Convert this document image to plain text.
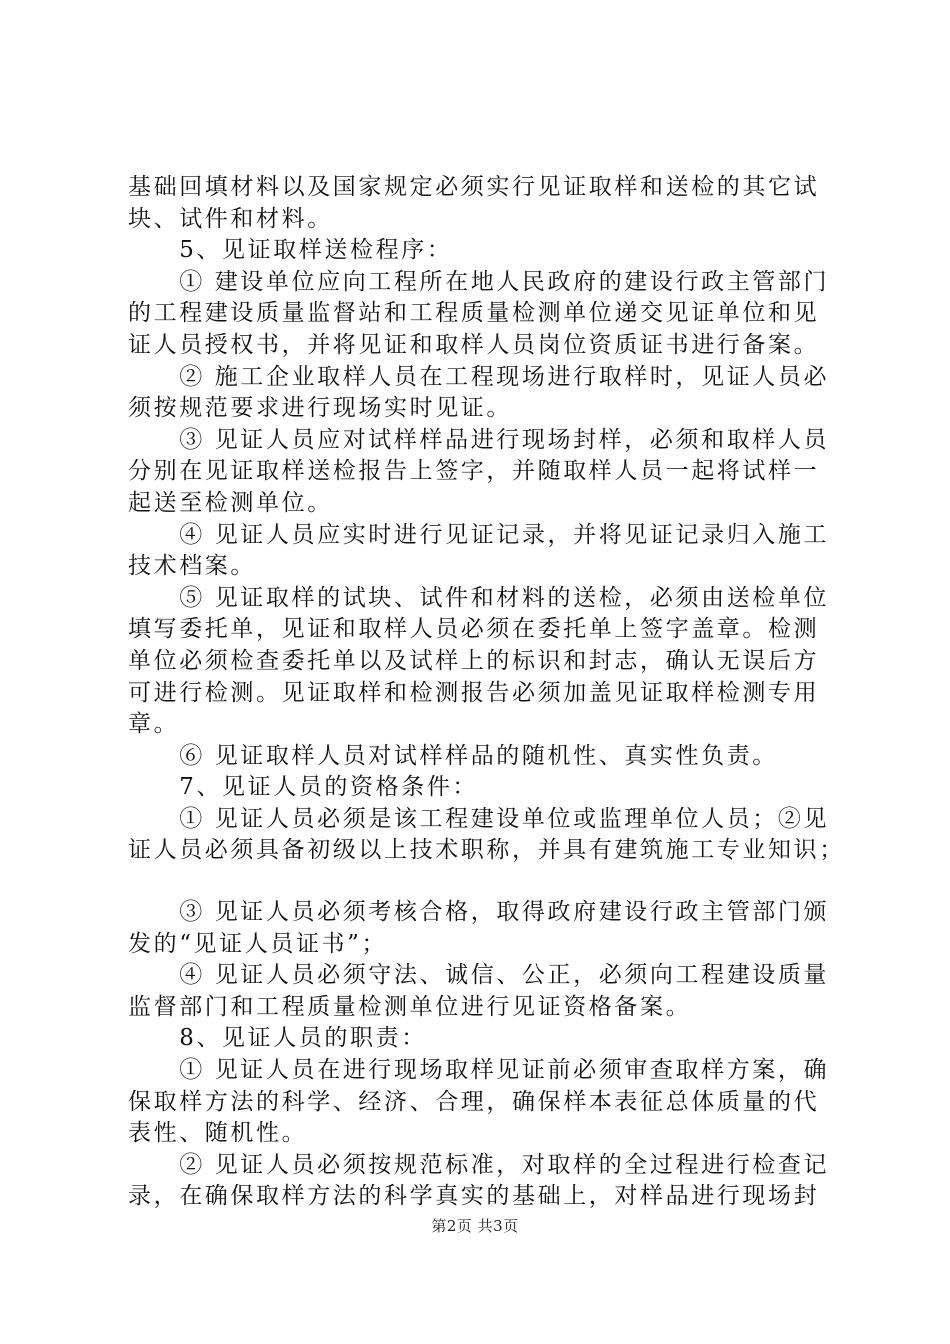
基础回填材料以及国家规定必须实行见证取样和送检的其它试

块、试件和材料。

　　5、见证取样送检程序：

　　① 建设单位应向工程所在地人民政府的建设行政主管部门

的工程建设质量监督站和工程质量检测单位递交见证单位和见

证人员授权书，并将见证和取样人员岗位资质证书进行备案。

　　② 施工企业取样人员在工程现场进行取样时，见证人员必

须按规范要求进行现场实时见证。

　　③ 见证人员应对试样样品进行现场封样，必须和取样人员

分别在见证取样送检报告上签字，并随取样人员一起将试样一

起送至检测单位。

　　④ 见证人员应实时进行见证记录，并将见证记录归入施工

技术档案。

　　⑤ 见证取样的试块、试件和材料的送检，必须由送检单位

填写委托单，见证和取样人员必须在委托单上签字盖章。检测

单位必须检查委托单以及试样上的标识和封志，确认无误后方

可进行检测。见证取样和检测报告必须加盖见证取样检测专用

章。

　　⑥ 见证取样人员对试样样品的随机性、真实性负责。

　　7、见证人员的资格条件：

　　① 见证人员必须是该工程建设单位或监理单位人员；②见

证人员必须具备初级以上技术职称，并具有建筑施工专业知识；

　　③ 见证人员必须考核合格，取得政府建设行政主管部门颁

发的“见证人员证书”；

　　④ 见证人员必须守法、诚信、公正，必须向工程建设质量

监督部门和工程质量检测单位进行见证资格备案。

　　8、见证人员的职责：

　　① 见证人员在进行现场取样见证前必须审查取样方案，确

保取样方法的科学、经济、合理，确保样本表征总体质量的代

表性、随机性。

　　② 见证人员必须按规范标准，对取样的全过程进行检查记

录，在确保取样方法的科学真实的基础上，对样品进行现场封

第2页 共3页
